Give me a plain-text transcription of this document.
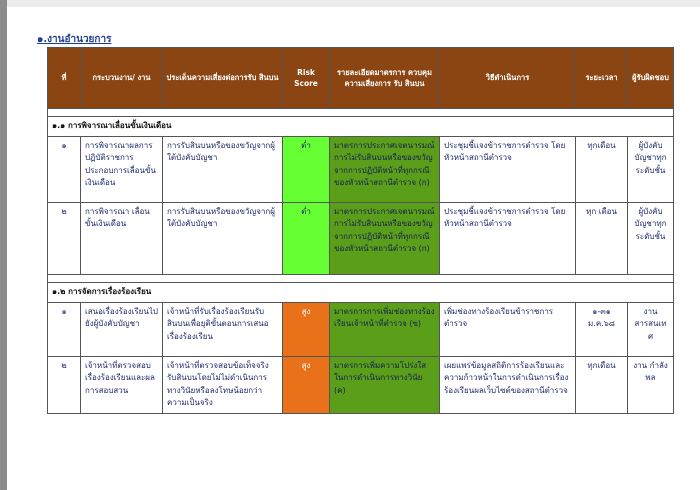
๑.งานอำนวยการ
ที่	กระบวนงาน/ งาน	ประเด็นความเสี่ยงต่อการรับ สินบน	Risk Score	รายละเอียดมาตรการ ควบคุมความเสี่ยงการ รับ สินบน	วิธีดำเนินการ	ระยะเวลา	ผู้รับผิดชอบ

๑.๑ การพิจารณาเลื่อนขั้นเงินเดือน							
๑	การพิจารณาผลการปฏิบัติราชการประกอบการเลื่อนขั้นเงินเดือน	การรับสินบนหรือของขวัญจากผู้ใต้บังคับบัญชา	ต่ำ	มาตรการประกาศเจตนารมณ์การไม่รับสินบนหรือของขวัญจากการปฏิบัติหน้าที่ทุกกรณีของหัวหน้าสถานีตำรวจ (ก)	ประชุมชี้แจงข้าราชการตำรวจ โดยหัวหน้าสถานีตำรวจ	ทุกเดือน	ผู้บังคับบัญชาทุกระดับชั้น
๒	การพิจารณา เลื่อนขั้นเงินเดือน	การรับสินบนหรือของขวัญจากผู้ใต้บังคับบัญชา	ต่ำ	มาตรการประกาศเจตนารมณ์การไม่รับสินบนหรือของขวัญจากการปฏิบัติหน้าที่ทุกกรณีของหัวหน้าสถานีตำรวจ (ก)	ประชุมชี้แจงข้าราชการตำรวจ โดยหัวหน้าสถานีตำรวจ	ทุก เดือน	ผู้บังคับบัญชาทุกระดับชั้น

๑.๒ การจัดการเรื่องร้องเรียน							
๑	เสนอเรื่องร้องเรียนไปยังผู้บังคับบัญชา	เจ้าหน้าที่รับเรื่องร้องเรียนรับสินบนเพื่อยุติขั้นตอนการเสนอเรื่องร้องเรียน	สูง	มาตรการการเพิ่มช่องทางร้องเรียนเจ้าหน้าที่ตำรวจ (ข)	เพิ่มช่องทางร้องเรียนข้าราชการตำรวจ	๑-๓๑ ม.ค.๖๘	งาน สารสนเทศ
๒	เจ้าหน้าที่ตรวจสอบเรื่องร้องเรียนและผลการสอบสวน	เจ้าหน้าที่ตรวจสอบข้อเท็จจริง รับสินบนโดยไม่ไม่ดำเนินการทางวินัยหรือลงโทษน้อยกว่าความเป็นจริง	สูง	มาตรการเพิ่มความโปร่งใสในการดำเนินการทางวินัย (ค)	เผยแพร่ข้อมูลสถิติการร้องเรียนและความก้าวหน้าในการดำเนินการเรื่องร้องเรียนผลเว็บไซต์ของสถานีตำรวจ	ทุกเดือน	งาน กำลังพล
